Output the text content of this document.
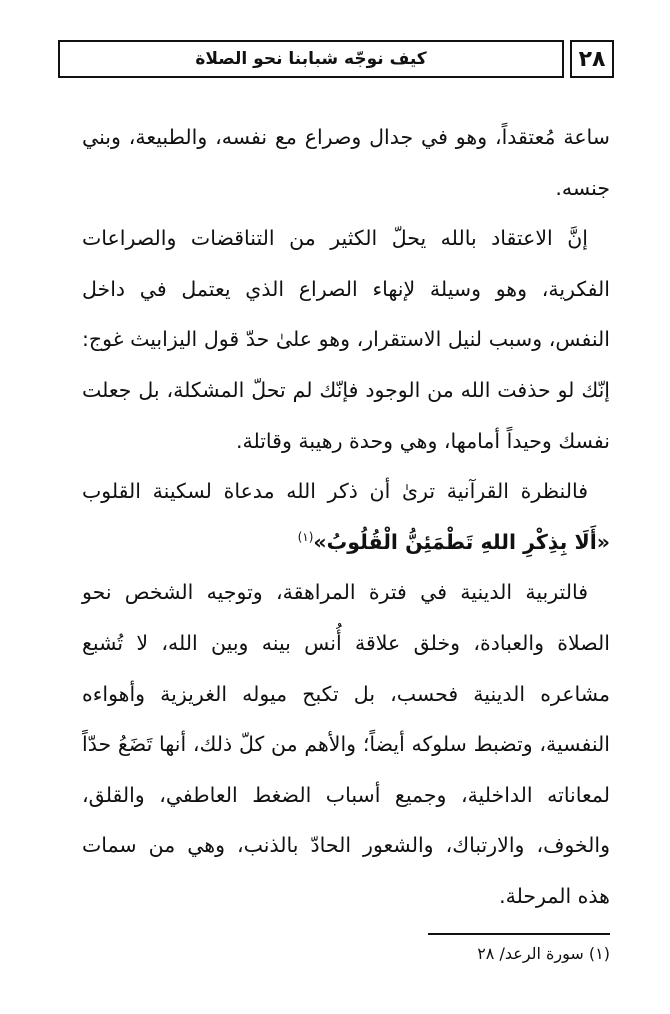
٢٨
كيف نوجّه شبابنا نحو الصلاة

ساعة مُعتقداً، وهو في جدال وصراع مع نفسه، والطبيعة، وبني جنسه.

إنَّ الاعتقاد بالله يحلّ الكثير من التناقضات والصراعات الفكرية، وهو وسيلة لإنهاء الصراع الذي يعتمل في داخل النفس، وسبب لنيل الاستقرار، وهو علىٰ حدّ قول اليزابيث غوج: إنّك لو حذفت الله من الوجود فإنّك لم تحلّ المشكلة، بل جعلت نفسك وحيداً أمامها، وهي وحدة رهيبة وقاتلة.

فالنظرة القرآنية ترىٰ أن ذكر الله مدعاة لسكينة القلوب «أَلَا بِذِكْرِ اللهِ تَطْمَئِنُّ الْقُلُوبُ»$^{(١)}$

فالتربية الدينية في فترة المراهقة، وتوجيه الشخص نحو الصلاة والعبادة، وخلق علاقة أُنس بينه وبين الله، لا تُشبع مشاعره الدينية فحسب، بل تكبح ميوله الغريزية وأهواءه النفسية، وتضبط سلوكه أيضاً؛ والأهم من كلّ ذلك، أنها تَضَعُ حدّاً لمعاناته الداخلية، وجميع أسباب الضغط العاطفي، والقلق، والخوف، والارتباك، والشعور الحادّ بالذنب، وهي من سمات هذه المرحلة.

(١) سورة الرعد/ ٢٨
